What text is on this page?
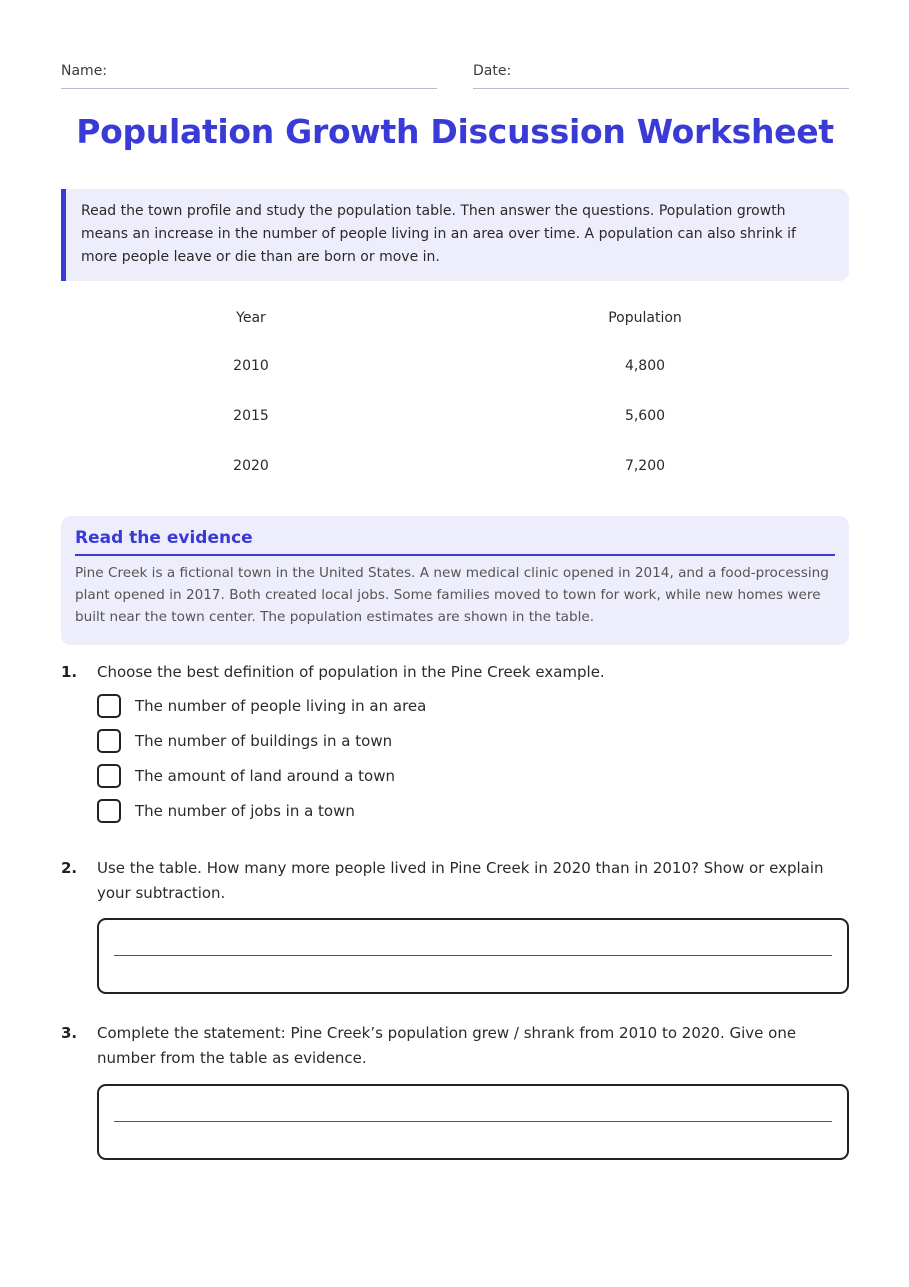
Name:	Date:
Population Growth Discussion Worksheet
Read the town profile and study the population table. Then answer the questions. Population growth means an increase in the number of people living in an area over time. A population can also shrink if more people leave or die than are born or move in.
Year	Population
2010	4,800
2015	5,600
2020	7,200
Read the evidence
Pine Creek is a fictional town in the United States. A new medical clinic opened in 2014, and a food-processing plant opened in 2017. Both created local jobs. Some families moved to town for work, while new homes were built near the town center. The population estimates are shown in the table.
1. Choose the best definition of population in the Pine Creek example.
The number of people living in an area
The number of buildings in a town
The amount of land around a town
The number of jobs in a town
2. Use the table. How many more people lived in Pine Creek in 2020 than in 2010? Show or explain your subtraction.
3. Complete the statement: Pine Creek’s population grew / shrank from 2010 to 2020. Give one number from the table as evidence.
